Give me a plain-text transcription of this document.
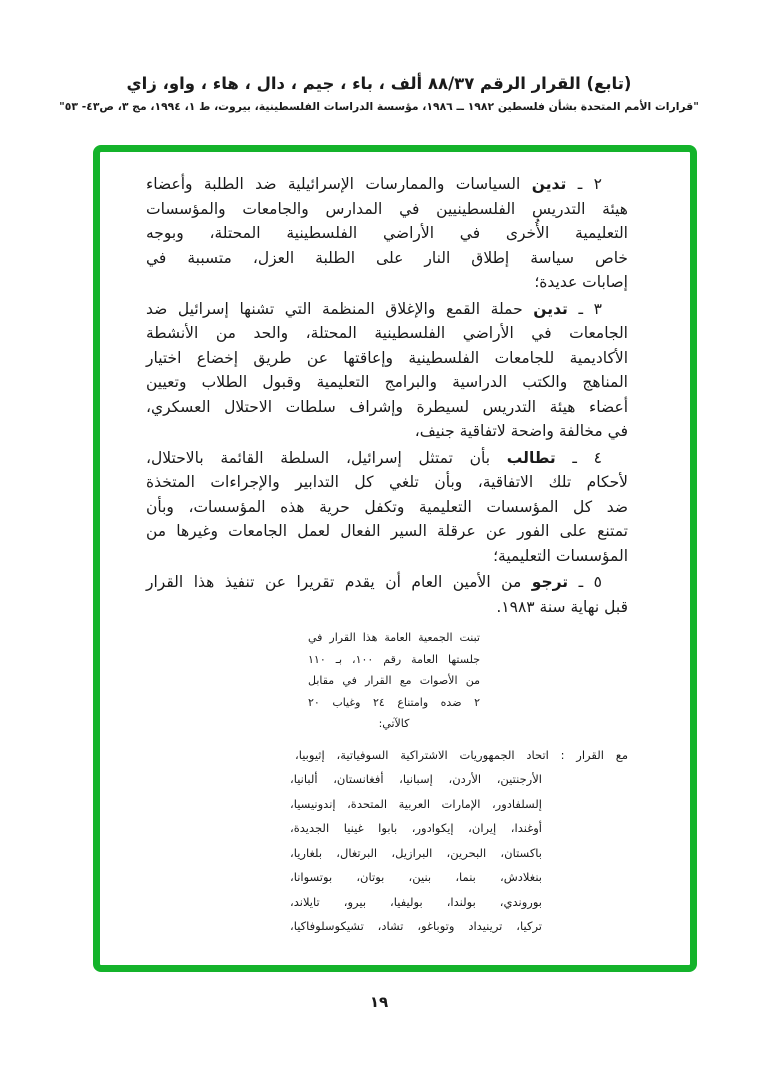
(تابع) القرار الرقم ٨٨/٣٧ ألف ، باء ، جيم ، دال ، هاء ، واو، زاي
"قرارات الأمم المتحدة بشأن فلسطين ١٩٨٢ ــ ١٩٨٦، مؤسسة الدراسات الفلسطينية، بيروت، ط ١، ١٩٩٤، مج ٣، ص٤٣- ٥٣"
٢ ـ تدين السياسات والممارسات الإسرائيلية ضد الطلبة وأعضاء
هيئة التدريس الفلسطينيين في المدارس والجامعات والمؤسسات
التعليمية الأُخرى في الأراضي الفلسطينية المحتلة، وبوجه
خاص سياسة إطلاق النار على الطلبة العزل، متسببة في
إصابات عديدة؛
٣ ـ تدين حملة القمع والإغلاق المنظمة التي تشنها إسرائيل ضد
الجامعات في الأراضي الفلسطينية المحتلة، والحد من الأنشطة
الأكاديمية للجامعات الفلسطينية وإعاقتها عن طريق إخضاع اختيار
المناهج والكتب الدراسية والبرامج التعليمية وقبول الطلاب وتعيين
أعضاء هيئة التدريس لسيطرة وإشراف سلطات الاحتلال العسكري،
في مخالفة واضحة لاتفاقية جنيف،
٤ ـ تطالب بأن تمتثل إسرائيل، السلطة القائمة بالاحتلال،
لأحكام تلك الاتفاقية، وبأن تلغي كل التدابير والإجراءات المتخذة
ضد كل المؤسسات التعليمية وتكفل حرية هذه المؤسسات، وبأن
تمتنع على الفور عن عرقلة السير الفعال لعمل الجامعات وغيرها من
المؤسسات التعليمية؛
٥ ـ ترجو من الأمين العام أن يقدم تقريرا عن تنفيذ هذا القرار
قبل نهاية سنة ١٩٨٣.
تبنت الجمعية العامة هذا القرار في
جلستها العامة رقم ١٠٠، بـ ١١٠
من الأصوات مع القرار في مقابل
٢ ضده وامتناع ٢٤ وغياب ٢٠
كالآتي:
مع القرار : اتحاد الجمهوريات الاشتراكية السوفياتية، إثيوبيا،
الأرجنتين، الأردن، إسبانيا، أفغانستان، ألبانيا،
إلسلفادور، الإمارات العربية المتحدة، إندونيسيا،
أوغندا، إيران، إيكوادور، بابوا غينيا الجديدة،
باكستان، البحرين، البرازيل، البرتغال، بلغاريا،
بنغلادش، بنما، بنين، بوتان، بوتسوانا،
بوروندي، بولندا، بوليفيا، بيرو، تايلاند،
تركيا، ترينيداد وتوباغو، تشاد، تشيكوسلوفاكيا،
١٩
